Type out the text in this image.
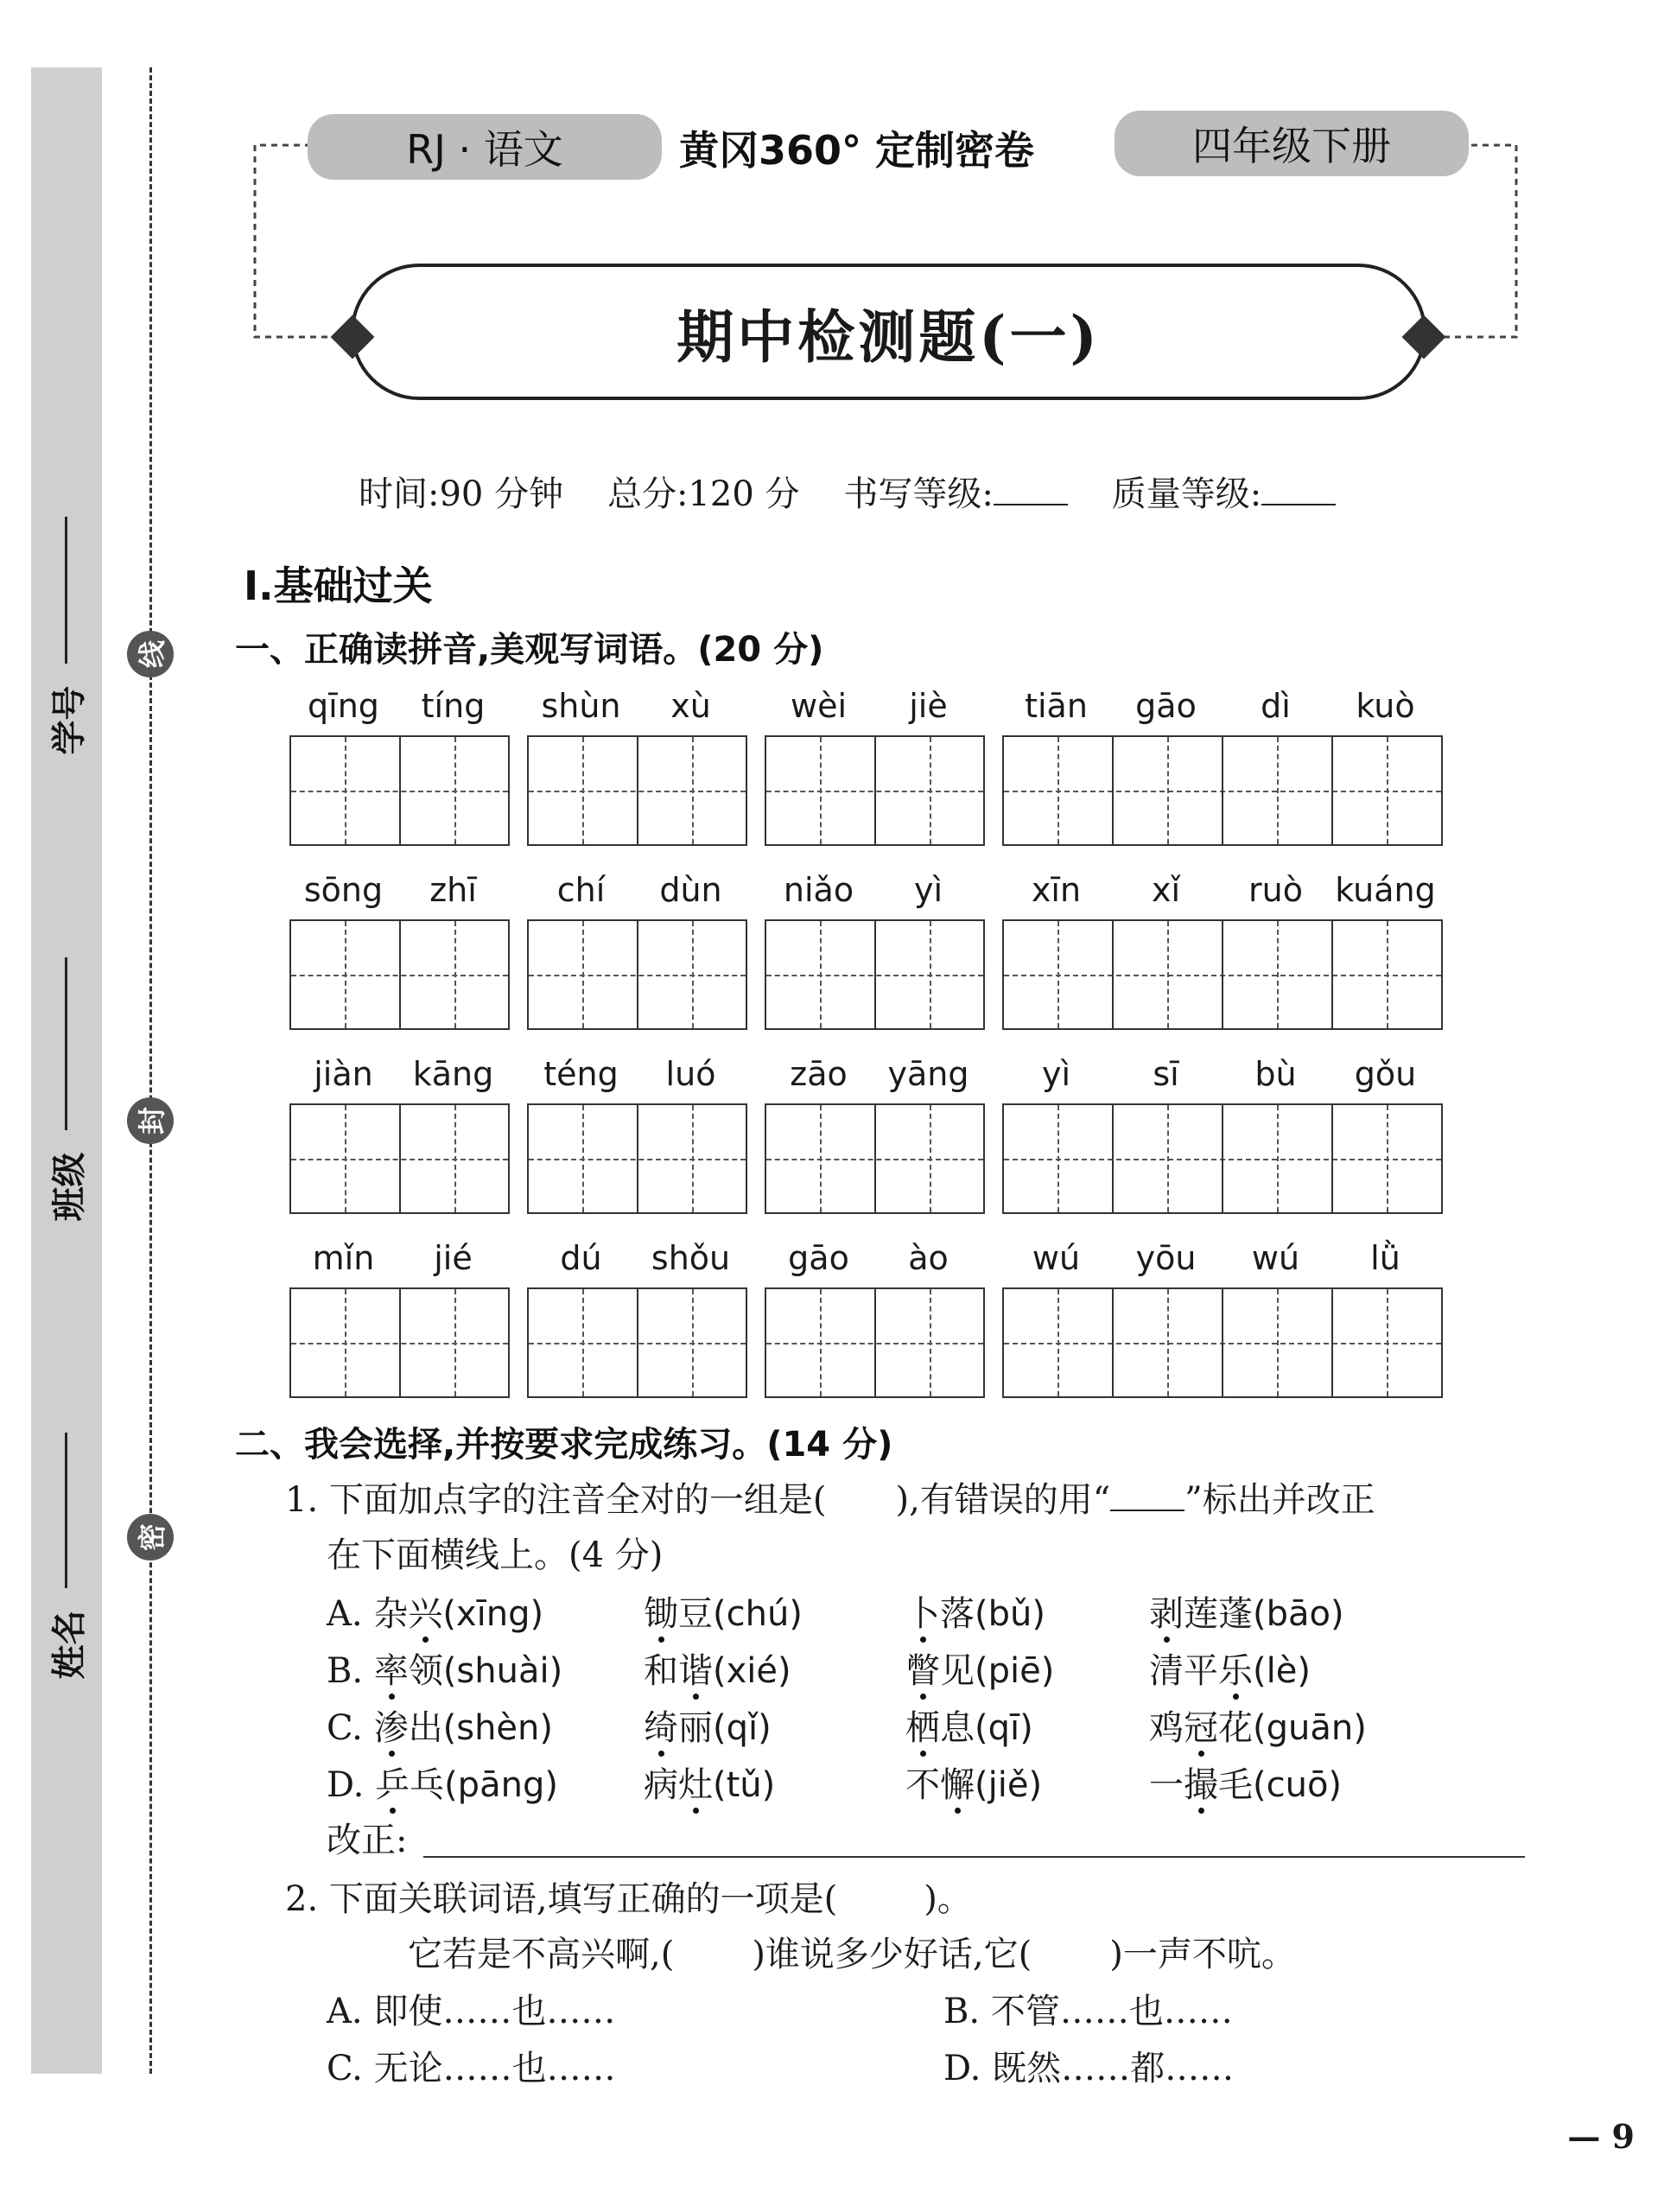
学号
班级
姓名
线
封
密
RJ · 语文	黄冈360° 定制密卷	四年级下册
期中检测题(一)
时间:90 分钟 总分:120 分 书写等级:	质量等级:
Ⅰ.基础过关
一、正确读拼音,美观写词语。(20 分)
qīng	tíng	shùn	xù	wèi	jiè	tiān	gāo	dì	kuò
sōng	zhī	chí	dùn	niǎo	yì	xīn	xǐ	ruò kuáng
jiàn	kāng	téng	luó	zāo	yāng	yì	sī	bù	gǒu
mǐn	jié	dú	shǒu	gāo	ào	wú	yōu	wú	lǜ
二、我会选择,并按要求完成练习。(14 分)
1. 下面加点字的注音全对的一组是( ),有错误的用“ ”标出并改正
在下面横线上。(4 分)
A. 杂兴(xīng)	锄豆(chú)	卜落(bǔ)	剥莲蓬(bāo)
B. 率领(shuài) 和谐(xié)	瞥见(piē)	清平乐(lè)
C. 渗出(shèn)	绮丽(qǐ)	栖息(qī)	鸡冠花(guān)
D. 乒乓(pāng) 病灶(tǔ)	不懈(jiě)	一撮毛(cuō)
改正:
2. 下面关联词语,填写正确的一项是(	)。
它若是不高兴啊,( )谁说多少好话,它( )一声不吭。
A. 即使……也……	B. 不管……也……
C. 无论……也……	D. 既然……都……
— 9
